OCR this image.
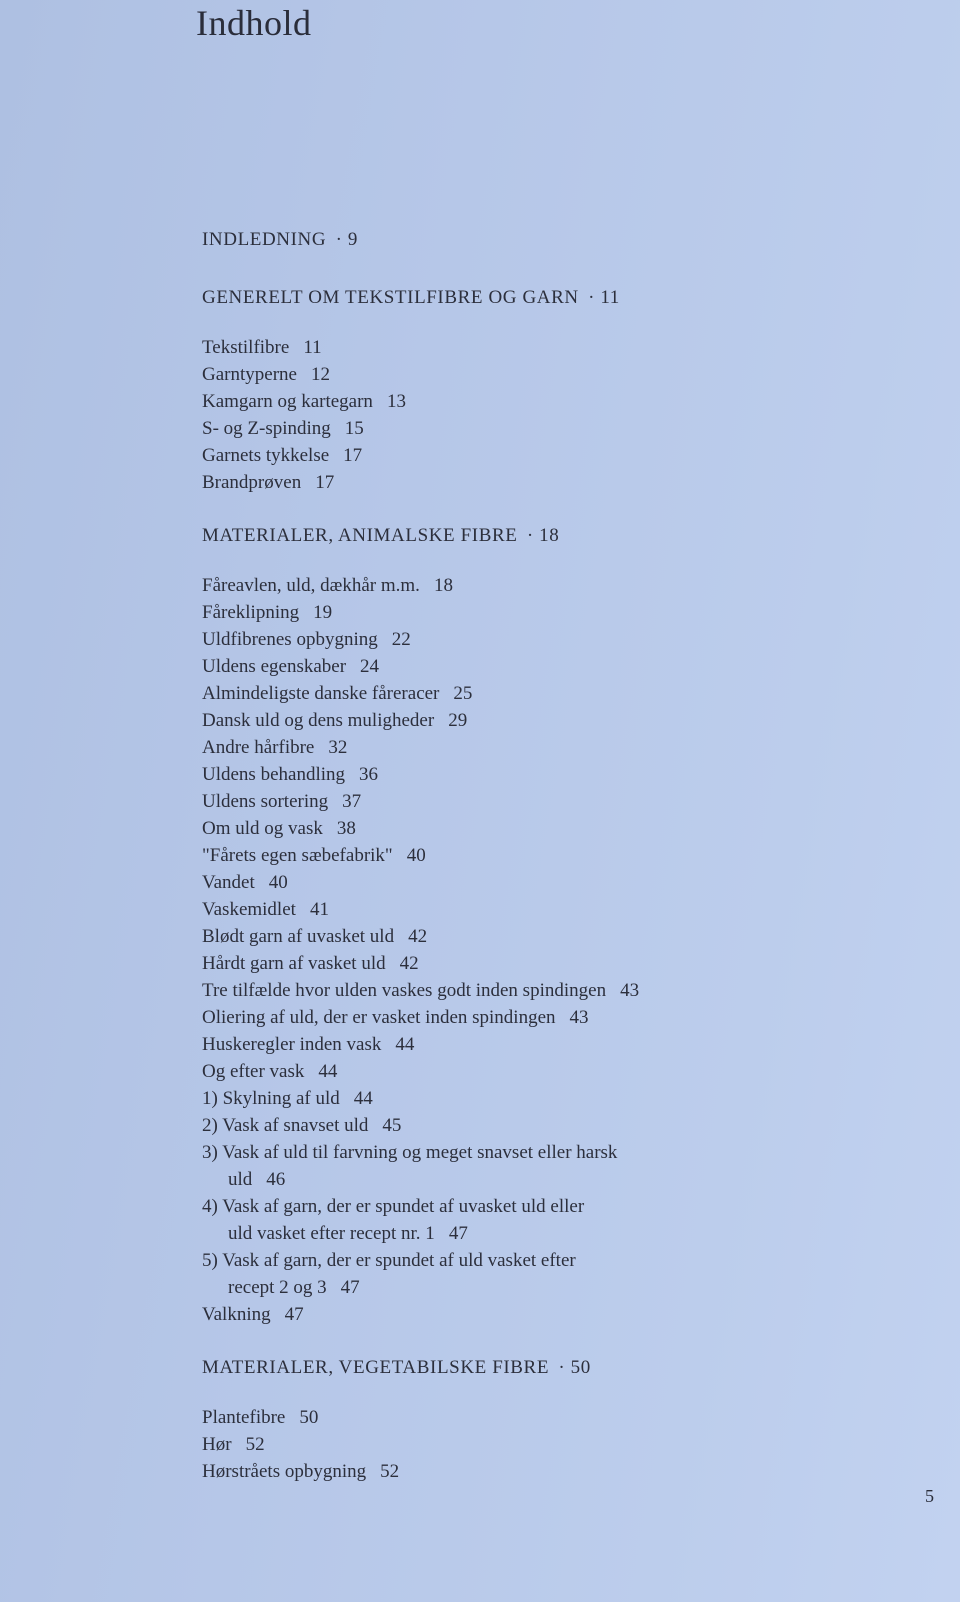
Indhold
INDLEDNING · 9
GENERELT OM TEKSTILFIBRE OG GARN · 11
Tekstilfibre 11
Garntyperne 12
Kamgarn og kartegarn 13
S- og Z-spinding 15
Garnets tykkelse 17
Brandprøven 17
MATERIALER, ANIMALSKE FIBRE · 18
Fåreavlen, uld, dækhår m.m. 18
Fåreklipning 19
Uldfibrenes opbygning 22
Uldens egenskaber 24
Almindeligste danske fåreracer 25
Dansk uld og dens muligheder 29
Andre hårfibre 32
Uldens behandling 36
Uldens sortering 37
Om uld og vask 38
"Fårets egen sæbefabrik" 40
Vandet 40
Vaskemidlet 41
Blødt garn af uvasket uld 42
Hårdt garn af vasket uld 42
Tre tilfælde hvor ulden vaskes godt inden spindingen 43
Oliering af uld, der er vasket inden spindingen 43
Huskeregler inden vask 44
Og efter vask 44
1) Skylning af uld 44
2) Vask af snavset uld 45
3) Vask af uld til farvning og meget snavset eller harsk
uld 46
4) Vask af garn, der er spundet af uvasket uld eller
uld vasket efter recept nr. 1 47
5) Vask af garn, der er spundet af uld vasket efter
recept 2 og 3 47
Valkning 47
MATERIALER, VEGETABILSKE FIBRE · 50
Plantefibre 50
Hør 52
Hørstråets opbygning 52
5
